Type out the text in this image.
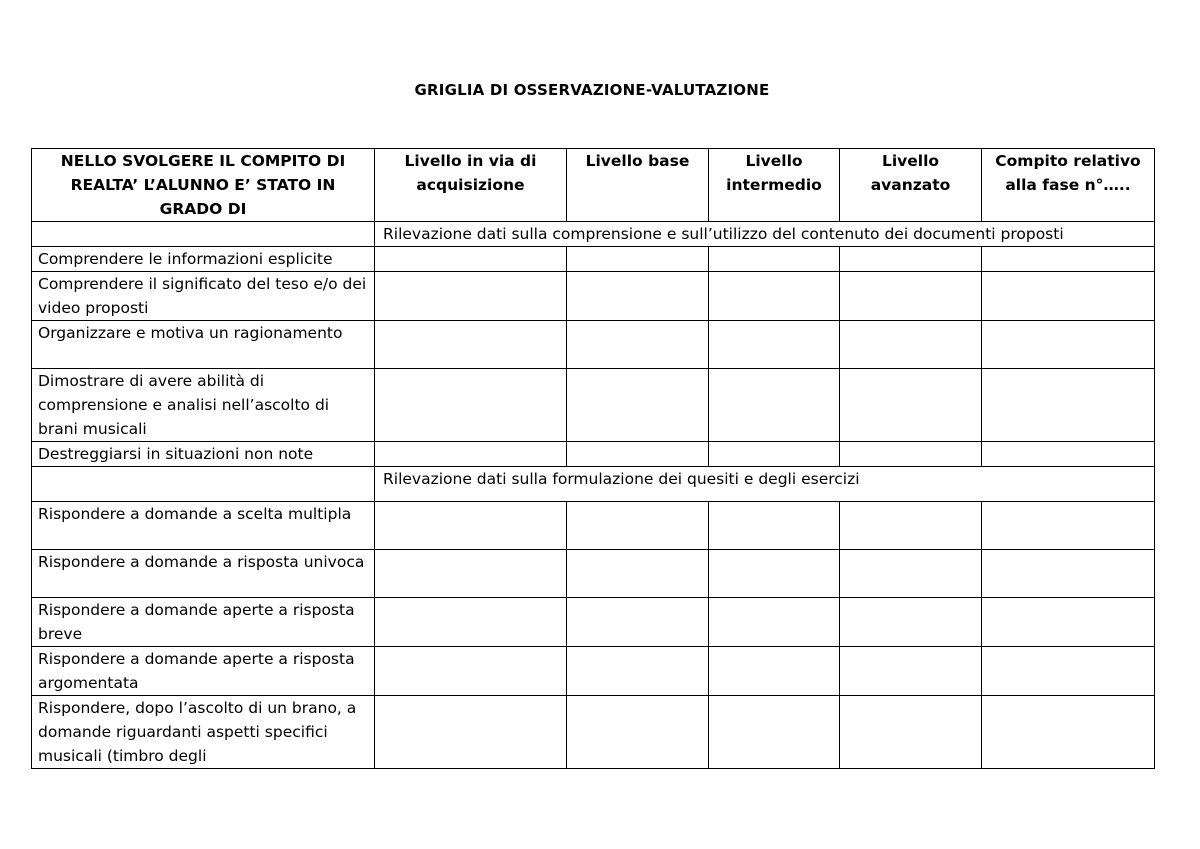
GRIGLIA DI OSSERVAZIONE-VALUTAZIONE
NELLO SVOLGERE IL COMPITO DI REALTA’ L’ALUNNO E’ STATO IN GRADO DI	Livello in via di acquisizione	Livello base	Livello intermedio	Livello avanzato	Compito relativo alla fase n°…..
	Rilevazione dati sulla comprensione e sull’utilizzo del contenuto dei documenti proposti				
Comprendere le informazioni esplicite					
Comprendere il significato del teso e/o dei video proposti					
Organizzare e motiva un ragionamento					
Dimostrare di avere abilità di comprensione e analisi nell’ascolto di brani musicali					
Destreggiarsi in situazioni non note					
	Rilevazione dati sulla formulazione dei quesiti e degli esercizi				
Rispondere a domande a scelta multipla					
Rispondere a domande a risposta univoca					
Rispondere a domande aperte a risposta breve					
Rispondere a domande aperte a risposta argomentata					
Rispondere, dopo l’ascolto di un brano, a domande riguardanti aspetti specifici musicali (timbro degli					
